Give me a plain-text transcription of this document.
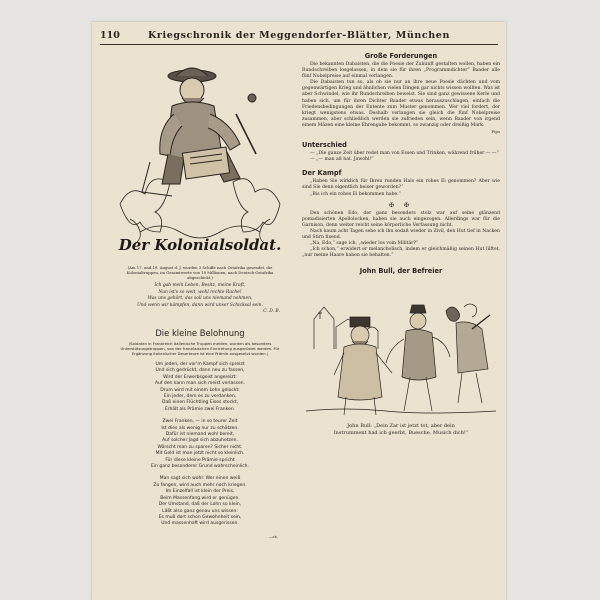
110	Kriegschronik der Meggendorfer-Blätter, München
Der Kolonialsoldat.
(Am 17. und 19. August d. J. wurden 3 Schiffe nach Ostafrika gesendet, die Kolonialtruppen, im Gesamtwerte von 10 Millionen, nach Deutsch-Ostafrika abgeschickt.)
Ich gab mein Leben, Besitz, meine Kraft,
Nun ist's so weit, wohl rechte Rache!
Was uns gehört, das soll uns niemand nehmen,
Und wenn wir kämpfen, dann wird unser Schicksal sein.
C. D. B.
Die kleine Belohnung
(Soldaten in Frankreich italienische Truppen melden, wurden als besonders Unterstützungstruppen, von der französischen Einrichtung ausgerüstet werden. Für Ergänzung italienischer Deserteure ist eine Prämie ausgesetzt worden.)
Um jeden, der vor'm Kampf sich spreizt
Und sich gedrückt, dann neu zu fassen,
Wird der Erwerbsgeist angereizt:
Auf den kann man sich meist verlassen.
Drum wird mit einem Lohn gelockt:
Ein jeder, dem es zu verdanken,
Daß einen Flüchtling Eises stockt,
Erhält als Prämie zwei Franken.
Zwei Franken, — in so teurer Zeit
Ist dies als wenig nur zu schätzen.
Dafür ist niemand wohl bereit,
Auf solcher Jagd sich abzuhetzen.
Wärscht man zu sparen? Sicher nicht.
Mit Geld ist man jetzt nicht so kleinlich.
Für diese kleine Prämie spricht
Ein ganz besonderer Grund wahrscheinlich.
Man sagt sich wohl: Wer einen weiß
Zu fangen, wird auch mehr noch kriegen.
Im Einzelfall ist klein der Preis,
Beim Massenfang wird er genügen.
Der Umstand, daß der Lohn so klein,
Läßt also ganz genau uns wissen:
Es muß dort schon Gewohnheit sein,
Und massenhaft wird ausgerissen.
—ck.
Große Forderungen

Die bekannten Dabaisten, die die Poesie der Zukunft gestalten wollen, haben ein Rundschreiben losgelassen, in dem sie für ihren „Programmdichter“ Baader alle fünf Nobelpreise auf einmal verlangen.

Die Dabaisten tun so, als ob sie nur an ihre neue Poesie dächten und vom gegenwärtigen Krieg und ähnlichen vielen Dingen gar nichts wissen wollten. Was ist aber Schwindel, wie ihr Rundschreiben beweist. Sie sind ganz gewissene Kerle und haben sich, um für ihren Dichter Baader etwas herauszuschlagen, einfach die Friedensbedingungen der Entente zum Muster genommen. Wer viel fordert, der kriegt wenigstens etwas. Deshalb verlangen sie gleich die fünf Nobelpreise zusammen, aber schließlich werden sie zufrieden sein, wenn Baader von irgend einem Mäzen eine kleine Ehrengabe bekommt, so zwanzig oder dreißig Mark.

Pips
Unterschied

— „Die ganze Zeit über redet man von Essen und Trinken, während früher — —“

— „— man aß hat. Jawohl!“

Der Kampf

„Haben Sie wirklich für Ihren runden Hals ein rohes Ei genommen? Aber wie sind Sie denn eigentlich heiser geworden?“

„Bis ich ein rohes Ei bekommen habe.“

✠ ✠

Den schönen Edo, der ganz besonders stolz war auf seine glänzend pomadisierten Apollolocken, haben sie auch eingezogen. Allerdings war für die Garnison, denn weiter reicht seine körperliche Verfassung nicht.

Nach kaum acht Tagen sehe ich ihn sodaß wieder in Zivil, den Hut tief in Nacken und Stirn fixend.

„Na, Edo,“ sage ich, „wieder los vom Militär?“

„Ich schon,“ erwidert er melancholisch, indem er gleichmäßig seinen Hut lüftet, „nur meine Haare haben sie behalten.“

John Bull, der Befreier
John Bull: „Dein Zar ist jetzt tot, aber dein
Instrumment had ich geerbt, Buesche. Musich dich!“
